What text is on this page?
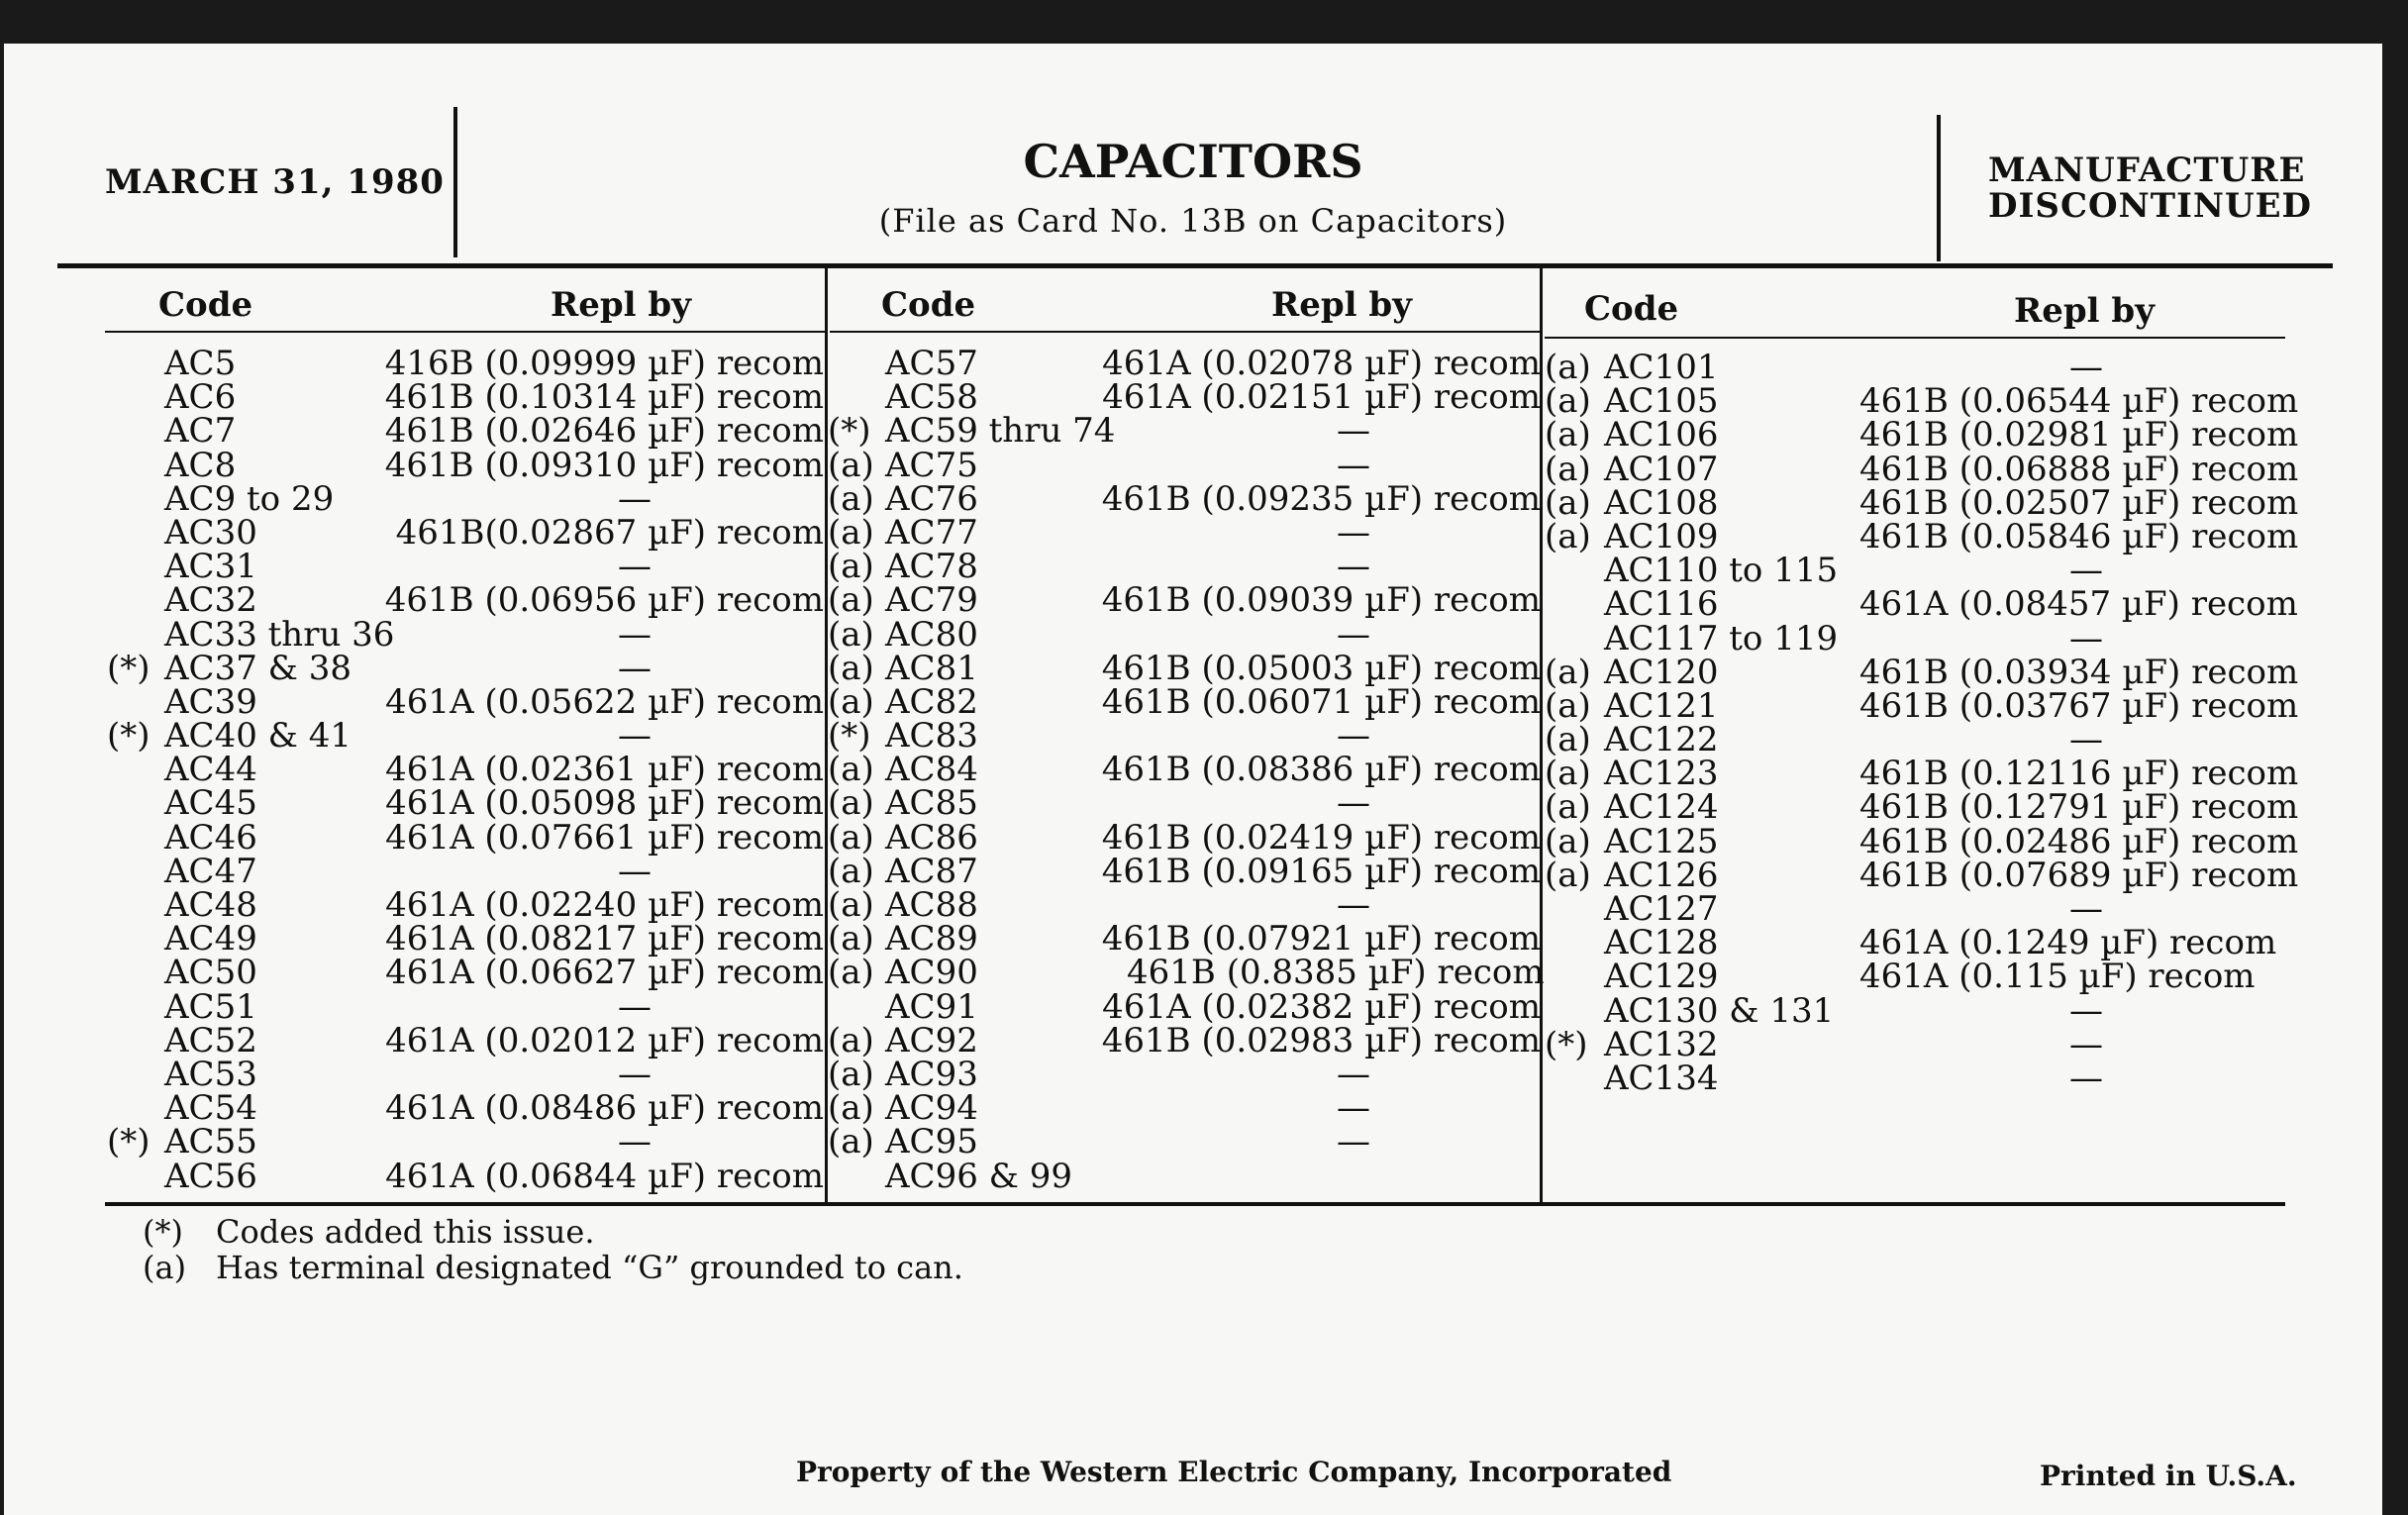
MARCH 31, 1980	CAPACITORS
(File as Card No. 13B on Capacitors)
MANUFACTURE
DISCONTINUED
Code	Repl by	Code	Repl by	Code	Repl by
AC5	416B (0.09999 µF) recom
AC6	461B (0.10314 µF) recom
AC7	461B (0.02646 µF) recom
AC8	461B (0.09310 µF) recom
AC9 to 29	—
AC30	461B(0.02867 µF) recom
AC31	—
AC32	461B (0.06956 µF) recom
AC33 thru 36	—
(*) AC37 & 38	—
AC39	461A (0.05622 µF) recom
(*) AC40 & 41	—
AC44	461A (0.02361 µF) recom
AC45	461A (0.05098 µF) recom
AC46	461A (0.07661 µF) recom
AC47	—
AC48	461A (0.02240 µF) recom
AC49	461A (0.08217 µF) recom
AC50	461A (0.06627 µF) recom
AC51	—
AC52	461A (0.02012 µF) recom
AC53	—
AC54	461A (0.08486 µF) recom
(*) AC55	—
AC56	461A (0.06844 µF) recom
AC57	461A (0.02078 µF) recom
AC58	461A (0.02151 µF) recom
(*) AC59 thru 74	—
(a) AC75	—
(a) AC76	461B (0.09235 µF) recom
(a) AC77	—
(a) AC78	—
(a) AC79	461B (0.09039 µF) recom
(a) AC80	—
(a) AC81	461B (0.05003 µF) recom
(a) AC82	461B (0.06071 µF) recom
(*) AC83	—
(a) AC84	461B (0.08386 µF) recom
(a) AC85	—
(a) AC86	461B (0.02419 µF) recom
(a) AC87	461B (0.09165 µF) recom
(a) AC88	—
(a) AC89	461B (0.07921 µF) recom
(a) AC90	461B (0.8385 µF) recom
AC91	461A (0.02382 µF) recom
(a) AC92	461B (0.02983 µF) recom
(a) AC93	—
(a) AC94	—
(a) AC95	—
AC96 & 99
(a) AC101	—
(a) AC105	461B (0.06544 µF) recom
(a) AC106	461B (0.02981 µF) recom
(a) AC107	461B (0.06888 µF) recom
(a) AC108	461B (0.02507 µF) recom
(a) AC109	461B (0.05846 µF) recom
AC110 to 115	—
AC116	461A (0.08457 µF) recom
AC117 to 119	—
(a) AC120	461B (0.03934 µF) recom
(a) AC121	461B (0.03767 µF) recom
(a) AC122	—
(a) AC123	461B (0.12116 µF) recom
(a) AC124	461B (0.12791 µF) recom
(a) AC125	461B (0.02486 µF) recom
(a) AC126	461B (0.07689 µF) recom
AC127	—
AC128	461A (0.1249 µF) recom
AC129	461A (0.115 µF) recom
AC130 & 131	—
(*) AC132	—
AC134	—
(*) Codes added this issue.
(a) Has terminal designated “G” grounded to can.
Property of the Western Electric Company, Incorporated	Printed in U.S.A.
